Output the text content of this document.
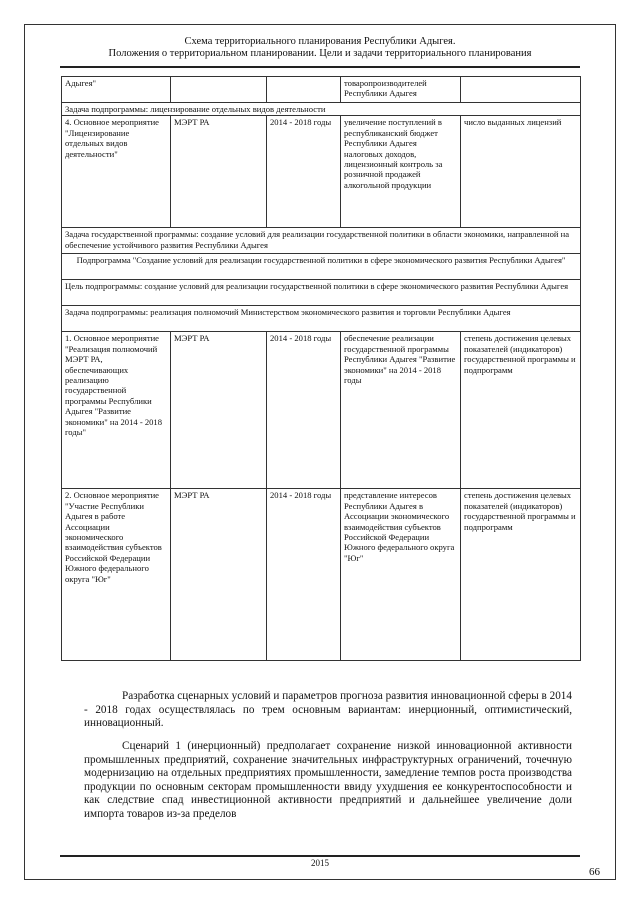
Схема территориального планирования Республики Адыгея.
Положения о территориальном планировании. Цели и задачи территориального планирования
Адыгея"			товаропроизводителей Республики Адыгея	
Задача подпрограммы: лицензирование отдельных видов деятельности				
4. Основное мероприятие "Лицензирование отдельных видов деятельности"	МЭРТ РА	2014 - 2018 годы	увеличение поступлений в республиканский бюджет Республики Адыгея налоговых доходов, лицензионный контроль за розничной продажей алкогольной продукции	число выданных лицензий
Задача государственной программы: создание условий для реализации государственной политики в области экономики, направленной на обеспечение устойчивого развития Республики Адыгея				
Подпрограмма "Создание условий для реализации государственной политики в сфере экономического развития Республики Адыгея"				
Цель подпрограммы: создание условий для реализации государственной политики в сфере экономического развития Республики Адыгея				
Задача подпрограммы: реализация полномочий Министерством экономического развития и торговли Республики Адыгея				
1. Основное мероприятие "Реализация полномочий МЭРТ РА, обеспечивающих реализацию государственной программы Республики Адыгея "Развитие экономики" на 2014 - 2018 годы"	МЭРТ РА	2014 - 2018 годы	обеспечение реализации государственной программы Республики Адыгея "Развитие экономики" на 2014 - 2018 годы	степень достижения целевых показателей (индикаторов) государственной программы и подпрограмм
2. Основное мероприятие "Участие Республики Адыгея в работе Ассоциации экономического взаимодействия субъектов Российской Федерации Южного федерального округа "Юг"	МЭРТ РА	2014 - 2018 годы	представление интересов Республики Адыгея в Ассоциации экономического взаимодействия субъектов Российской Федерации Южного федерального округа "Юг"	степень достижения целевых показателей (индикаторов) государственной программы и подпрограмм
Разработка сценарных условий и параметров прогноза развития инновационной сферы в 2014 - 2018 годах осуществлялась по трем основным вариантам: инерционный, оптимистический, инновационный.
Сценарий 1 (инерционный) предполагает сохранение низкой инновационной активности промышленных предприятий, сохранение значительных инфраструктурных ограничений, точечную модернизацию на отдельных предприятиях промышленности, замедление темпов роста производства продукции по основным секторам промышленности ввиду ухудшения ее конкурентоспособности и как следствие спад инвестиционной активности предприятий и дальнейшее увеличение доли импорта товаров из-за пределов
2015
66
